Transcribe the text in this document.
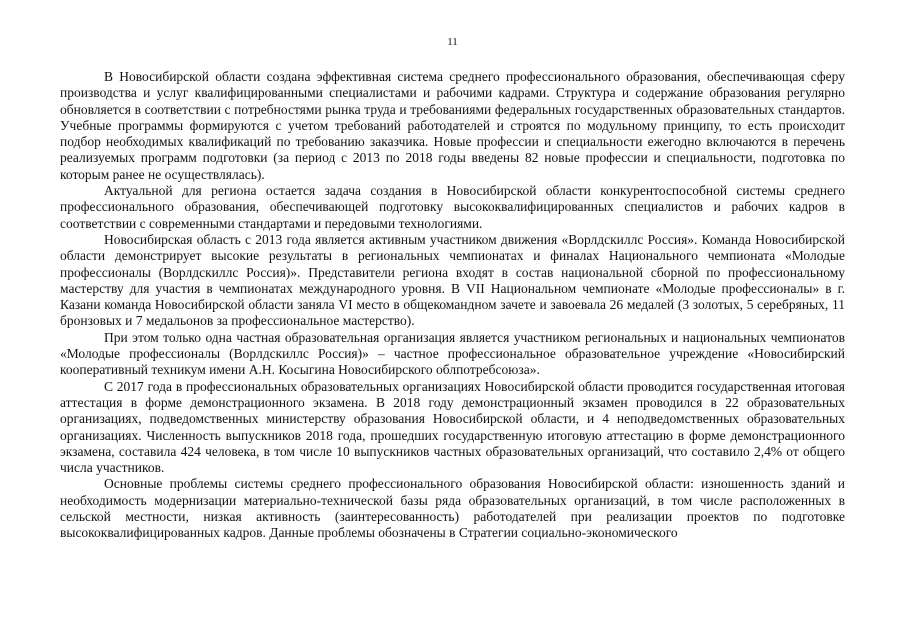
11

В Новосибирской области создана эффективная система среднего профессионального образования, обеспечивающая сферу производства и услуг квалифицированными специалистами и рабочими кадрами. Структура и содержание образования регулярно обновляется в соответствии с потребностями рынка труда и требованиями федеральных государственных образовательных стандартов. Учебные программы формируются с учетом требований работодателей и строятся по модульному принципу, то есть происходит подбор необходимых квалификаций по требованию заказчика. Новые профессии и специальности ежегодно включаются в перечень реализуемых программ подготовки (за период с 2013 по 2018 годы введены 82 новые профессии и специальности, подготовка по которым ранее не осуществлялась).

Актуальной для региона остается задача создания в Новосибирской области конкурентоспособной системы среднего профессионального образования, обеспечивающей подготовку высококвалифицированных специалистов и рабочих кадров в соответствии с современными стандартами и передовыми технологиями.

Новосибирская область с 2013 года является активным участником движения «Ворлдскиллс Россия». Команда Новосибирской области демонстрирует высокие результаты в региональных чемпионатах и финалах Национального чемпионата «Молодые профессионалы (Ворлдскиллс Россия)». Представители региона входят в состав национальной сборной по профессиональному мастерству для участия в чемпионатах международного уровня. В VII Национальном чемпионате «Молодые профессионалы» в г. Казани команда Новосибирской области заняла VI место в общекомандном зачете и завоевала 26 медалей (3 золотых, 5 серебряных, 11 бронзовых и 7 медальонов за профессиональное мастерство).

При этом только одна частная образовательная организация является участником региональных и национальных чемпионатов «Молодые профессионалы (Ворлдскиллс Россия)» – частное профессиональное образовательное учреждение «Новосибирский кооперативный техникум имени А.Н. Косыгина Новосибирского облпотребсоюза».

С 2017 года в профессиональных образовательных организациях Новосибирской области проводится государственная итоговая аттестация в форме демонстрационного экзамена. В 2018 году демонстрационный экзамен проводился в 22 образовательных организациях, подведомственных министерству образования Новосибирской области, и 4 неподведомственных образовательных организациях. Численность выпускников 2018 года, прошедших государственную итоговую аттестацию в форме демонстрационного экзамена, составила 424 человека, в том числе 10 выпускников частных образовательных организаций, что составило 2,4% от общего числа участников.

Основные проблемы системы среднего профессионального образования Новосибирской области: изношенность зданий и необходимость модернизации материально-технической базы ряда образовательных организаций, в том числе расположенных в сельской местности, низкая активность (заинтересованность) работодателей при реализации проектов по подготовке высококвалифицированных кадров. Данные проблемы обозначены в Стратегии социально-экономического
